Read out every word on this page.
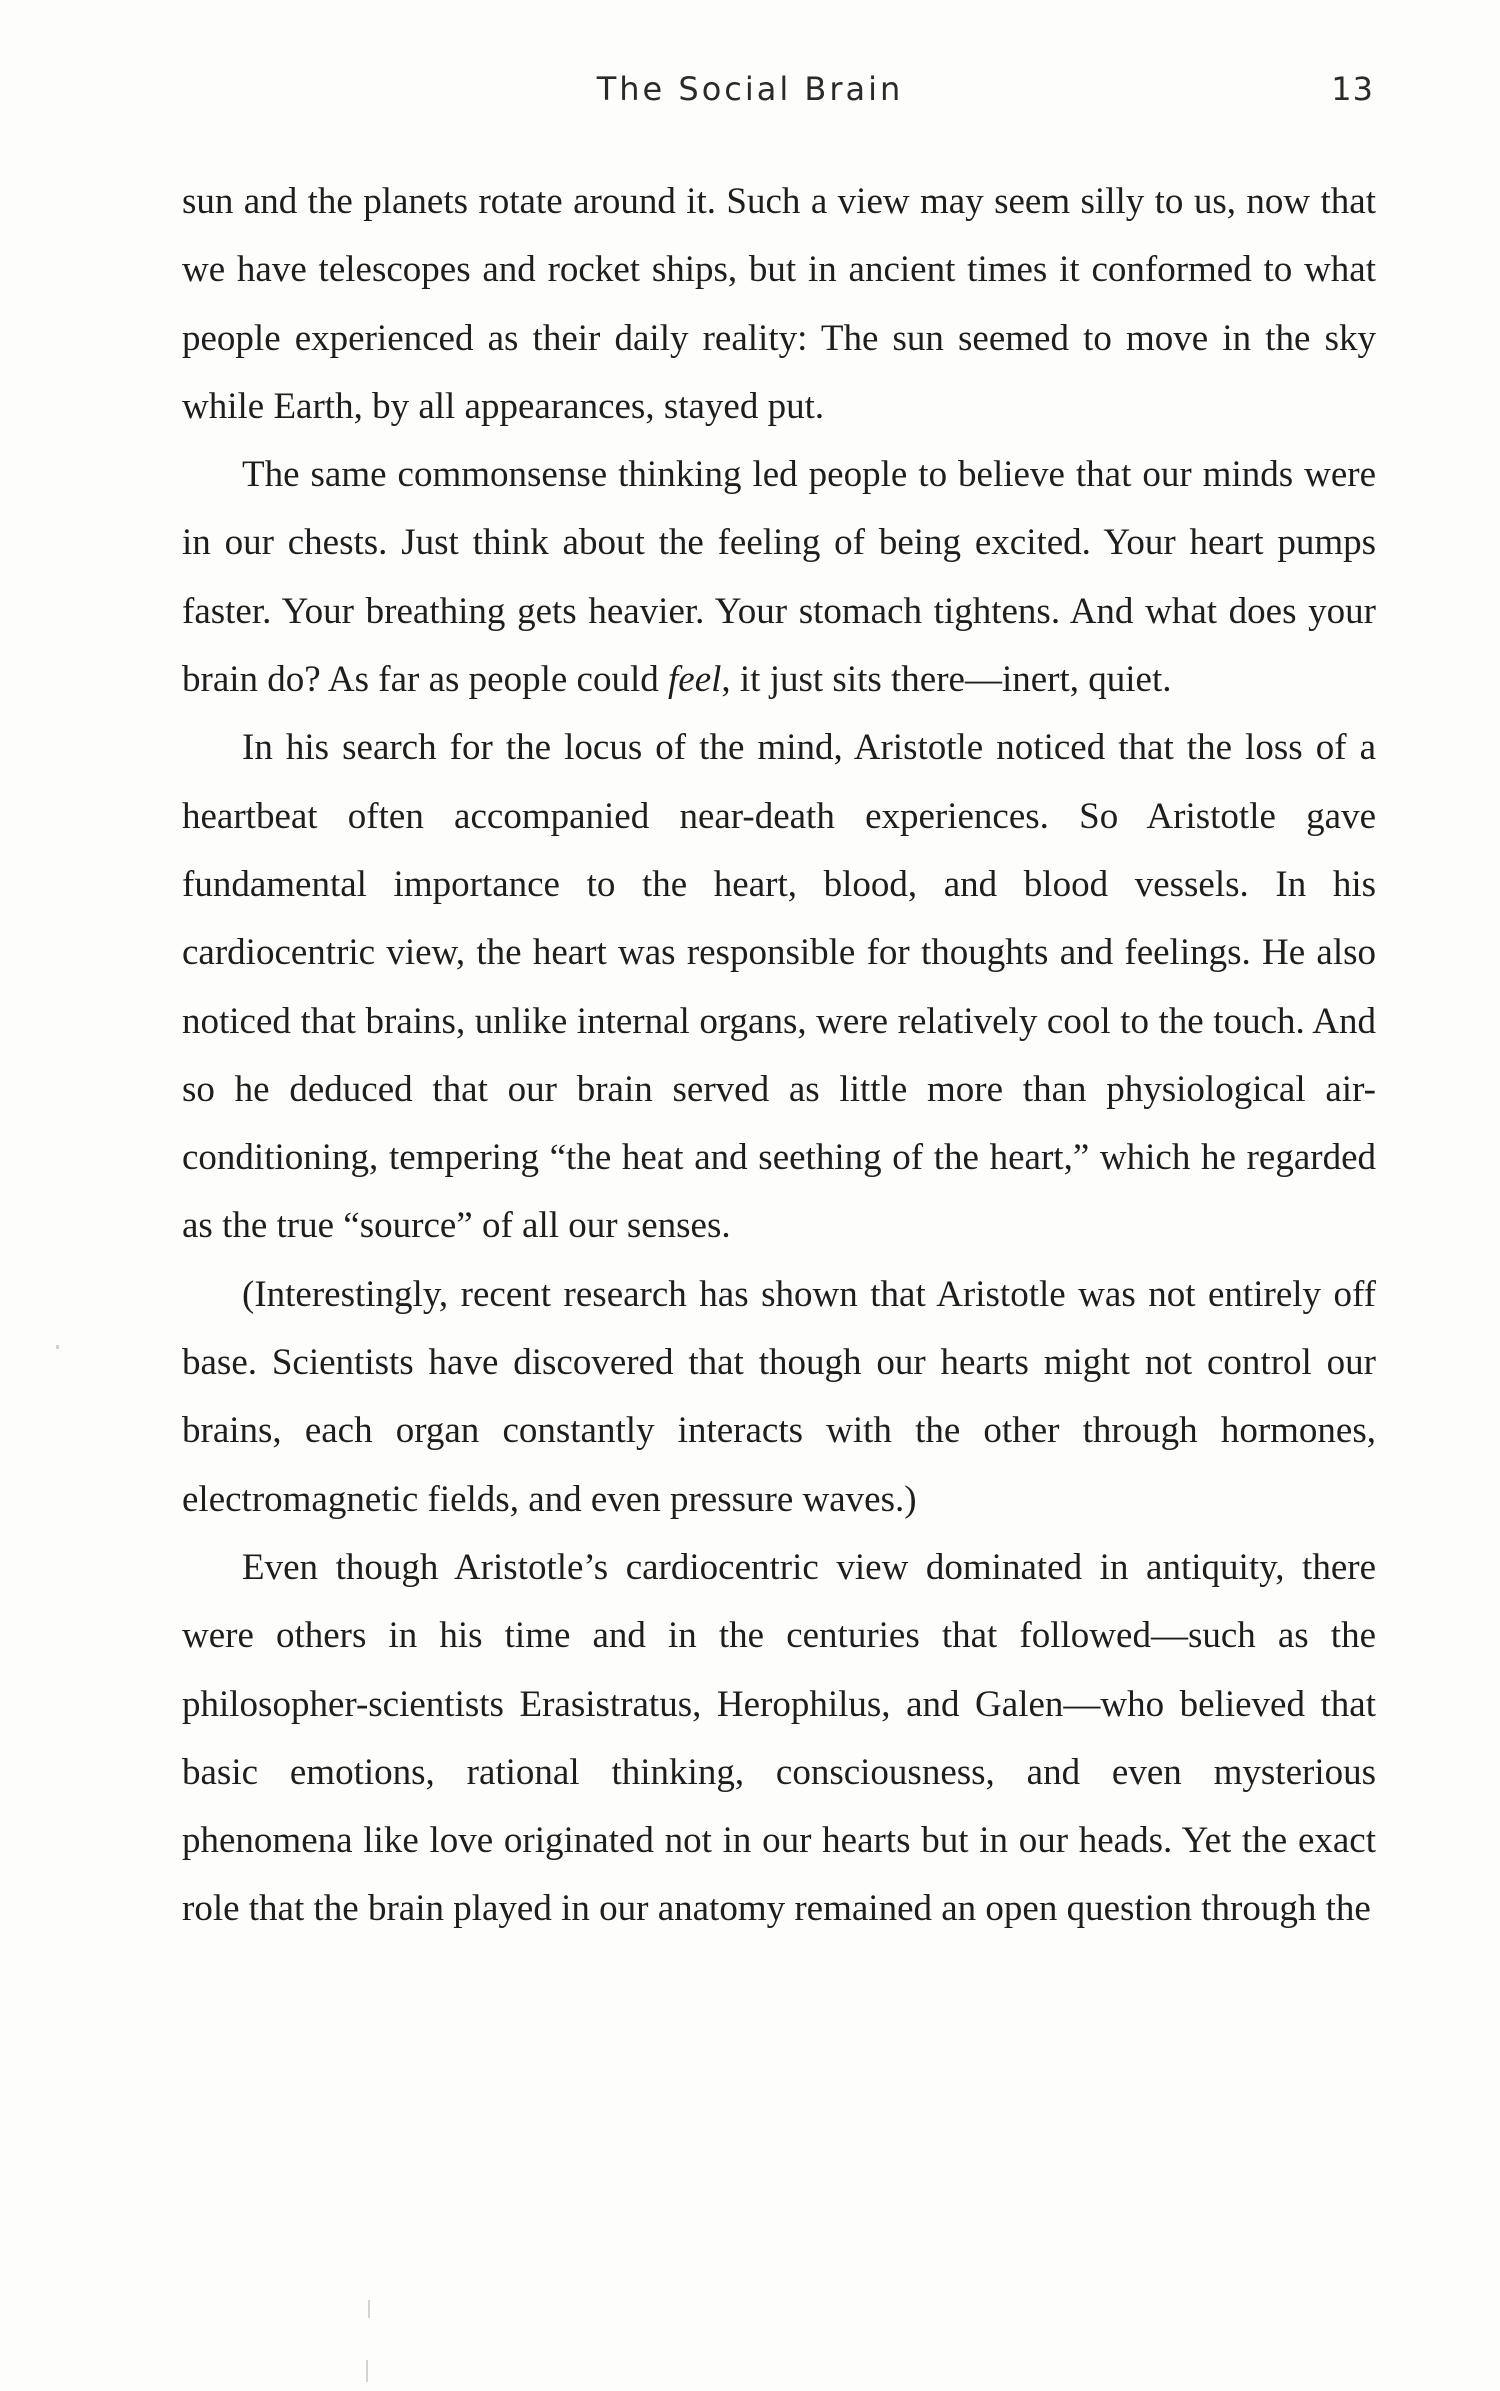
The Social Brain	13

sun and the planets rotate around it. Such a view may seem silly to us, now that we have telescopes and rocket ships, but in ancient times it conformed to what people experienced as their daily reality: The sun seemed to move in the sky while Earth, by all appearances, stayed put.

The same commonsense thinking led people to believe that our minds were in our chests. Just think about the feeling of being excited. Your heart pumps faster. Your breathing gets heavier. Your stomach tightens. And what does your brain do? As far as people could feel, it just sits there—inert, quiet.

In his search for the locus of the mind, Aristotle noticed that the loss of a heartbeat often accompanied near-death experiences. So Aristotle gave fundamental importance to the heart, blood, and blood vessels. In his cardiocentric view, the heart was responsible for thoughts and feelings. He also noticed that brains, unlike internal organs, were relatively cool to the touch. And so he deduced that our brain served as little more than physiological air-conditioning, tempering “the heat and seething of the heart,” which he regarded as the true “source” of all our senses.

(Interestingly, recent research has shown that Aristotle was not entirely off base. Scientists have discovered that though our hearts might not control our brains, each organ constantly interacts with the other through hormones, electromagnetic fields, and even pressure waves.)

Even though Aristotle’s cardiocentric view dominated in antiquity, there were others in his time and in the centuries that followed—such as the philosopher-scientists Erasistratus, Herophilus, and Galen—who believed that basic emotions, rational thinking, consciousness, and even mysterious phenomena like love originated not in our hearts but in our heads. Yet the exact role that the brain played in our anatomy remained an open question through the
